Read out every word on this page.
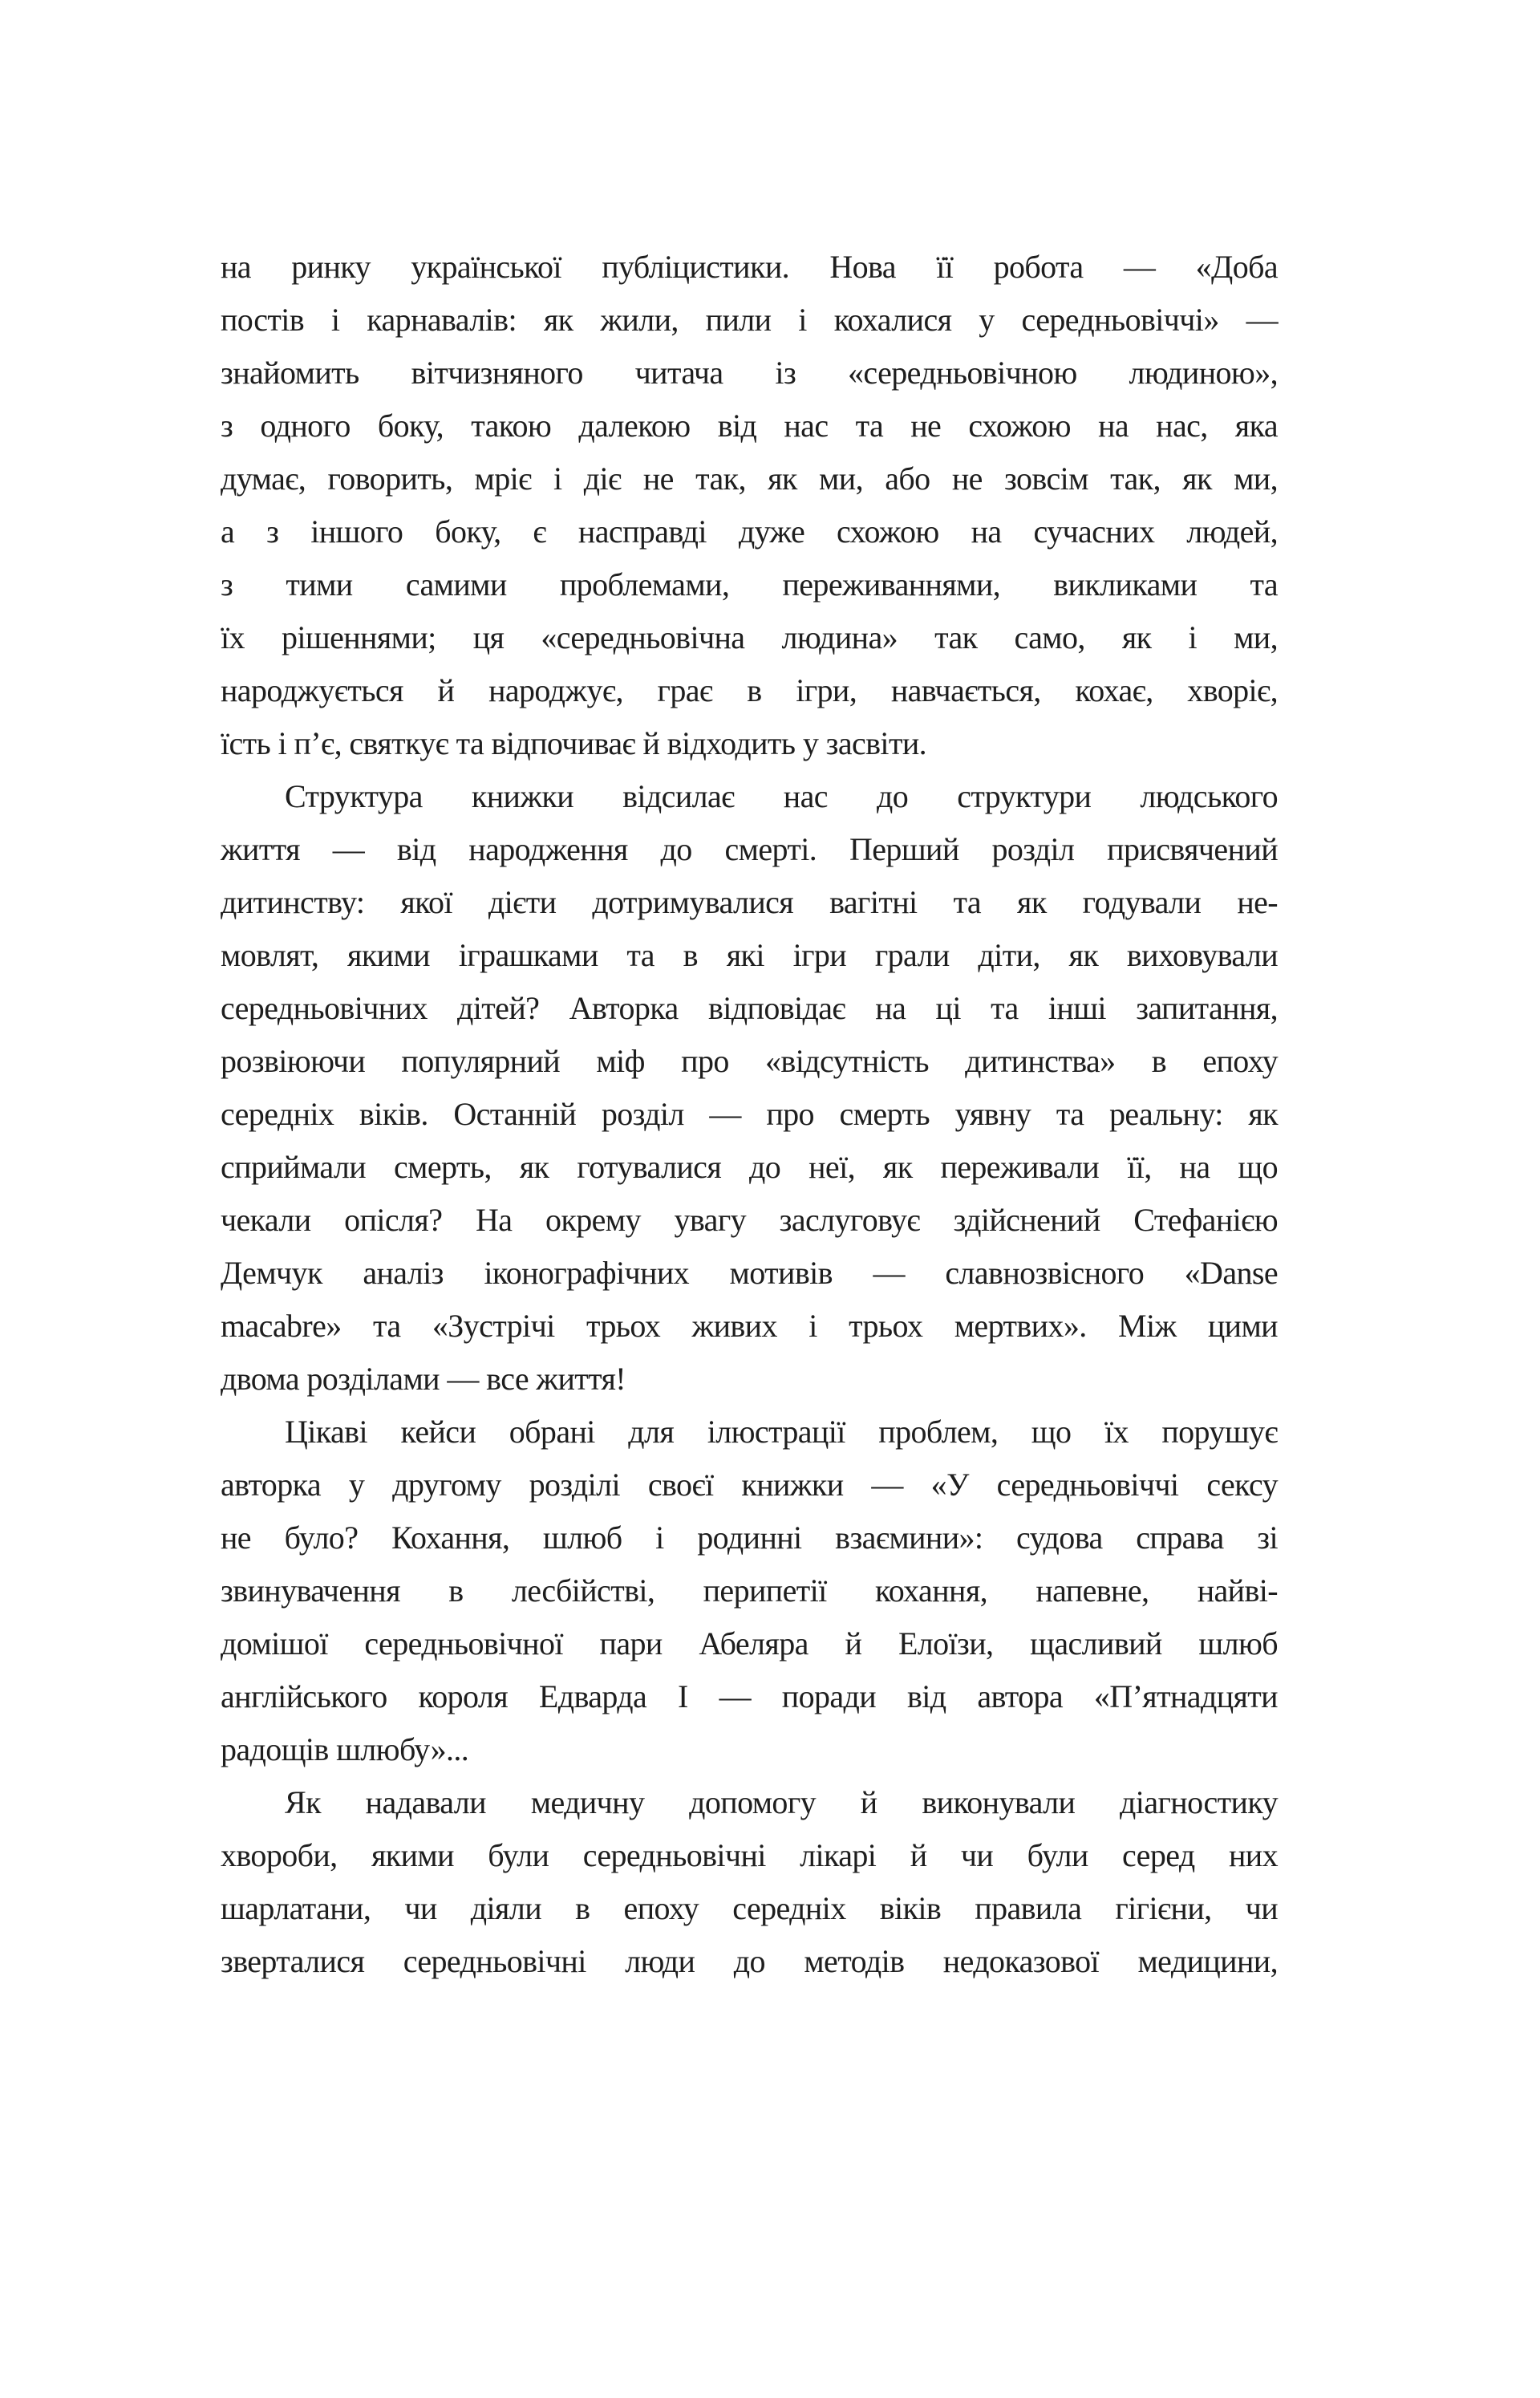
на ринку української публіцистики. Нова її робота — «Доба
постів і карнавалів: як жили, пили і кохалися у середньовіччі» —
знайомить вітчизняного читача із «середньовічною людиною»,
з одного боку, такою далекою від нас та не схожою на нас, яка
думає, говорить, мріє і діє не так, як ми, або не зовсім так, як ми,
а з іншого боку, є насправді дуже схожою на сучасних людей,
з тими самими проблемами, переживаннями, викликами та
їх рішеннями; ця «середньовічна людина» так само, як і ми,
народжується й народжує, грає в ігри, навчається, кохає, хворіє,
їсть і п’є, святкує та відпочиває й відходить у засвіти.
Структура книжки відсилає нас до структури людського
життя — від народження до смерті. Перший розділ присвячений
дитинству: якої дієти дотримувалися вагітні та як годували не-
мовлят, якими іграшками та в які ігри грали діти, як виховували
середньовічних дітей? Авторка відповідає на ці та інші запитання,
розвіюючи популярний міф про «відсутність дитинства» в епоху
середніх віків. Останній розділ — про смерть уявну та реальну: як
сприймали смерть, як готувалися до неї, як переживали її, на що
чекали опісля? На окрему увагу заслуговує здійснений Стефанією
Демчук аналіз іконографічних мотивів — славнозвісного «Danse
macabre» та «Зустрічі трьох живих і трьох мертвих». Між цими
двома розділами — все життя!
Цікаві кейси обрані для ілюстрації проблем, що їх порушує
авторка у другому розділі своєї книжки — «У середньовіччі сексу
не було? Кохання, шлюб і родинні взаємини»: судова справа зі
звинувачення в лесбійстві, перипетії кохання, напевне, найві-
домішої середньовічної пари Абеляра й Елоїзи, щасливий шлюб
англійського короля Едварда І — поради від автора «П’ятнадцяти
радощів шлюбу»...
Як надавали медичну допомогу й виконували діагностику
хвороби, якими були середньовічні лікарі й чи були серед них
шарлатани, чи діяли в епоху середніх віків правила гігієни, чи
зверталися середньовічні люди до методів недоказової медицини,
